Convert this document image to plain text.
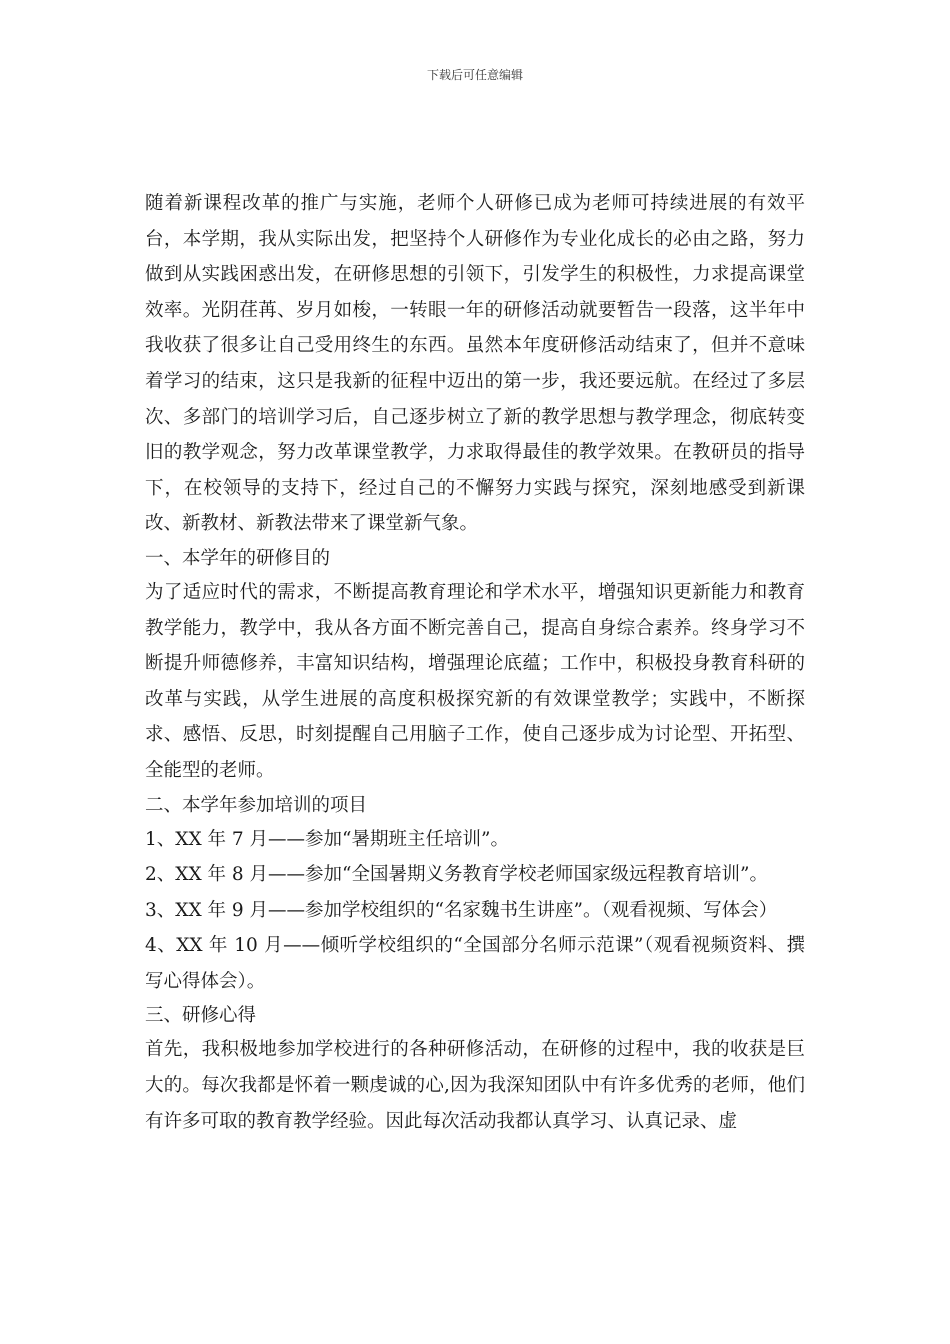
下载后可任意编辑

随着新课程改革的推广与实施，老师个人研修已成为老师可持续进展的有效平台，本学期，我从实际出发，把坚持个人研修作为专业化成长的必由之路，努力做到从实践困惑出发，在研修思想的引领下，引发学生的积极性，力求提高课堂效率。光阴荏苒、岁月如梭，一转眼一年的研修活动就要暂告一段落，这半年中我收获了很多让自己受用终生的东西。虽然本年度研修活动结束了，但并不意味着学习的结束，这只是我新的征程中迈出的第一步，我还要远航。在经过了多层次、多部门的培训学习后，自己逐步树立了新的教学思想与教学理念，彻底转变旧的教学观念，努力改革课堂教学，力求取得最佳的教学效果。在教研员的指导下，在校领导的支持下，经过自己的不懈努力实践与探究，深刻地感受到新课改、新教材、新教法带来了课堂新气象。

一、本学年的研修目的

为了适应时代的需求，不断提高教育理论和学术水平，增强知识更新能力和教育教学能力，教学中，我从各方面不断完善自己，提高自身综合素养。终身学习不断提升师德修养，丰富知识结构，增强理论底蕴；工作中，积极投身教育科研的改革与实践，从学生进展的高度积极探究新的有效课堂教学；实践中，不断探求、感悟、反思，时刻提醒自己用脑子工作，使自己逐步成为讨论型、开拓型、全能型的老师。

二、本学年参加培训的项目

1、XX 年 7 月——参加“暑期班主任培训”。

2、XX 年 8 月——参加“全国暑期义务教育学校老师国家级远程教育培训”。

3、XX 年 9 月——参加学校组织的“名家魏书生讲座”。（观看视频、写体会）

4、XX 年 10 月——倾听学校组织的“全国部分名师示范课”（观看视频资料、撰写心得体会）。

三、研修心得

首先，我积极地参加学校进行的各种研修活动，在研修的过程中，我的收获是巨大的。每次我都是怀着一颗虔诚的心,因为我深知团队中有许多优秀的老师，他们有许多可取的教育教学经验。因此每次活动我都认真学习、认真记录、虚
